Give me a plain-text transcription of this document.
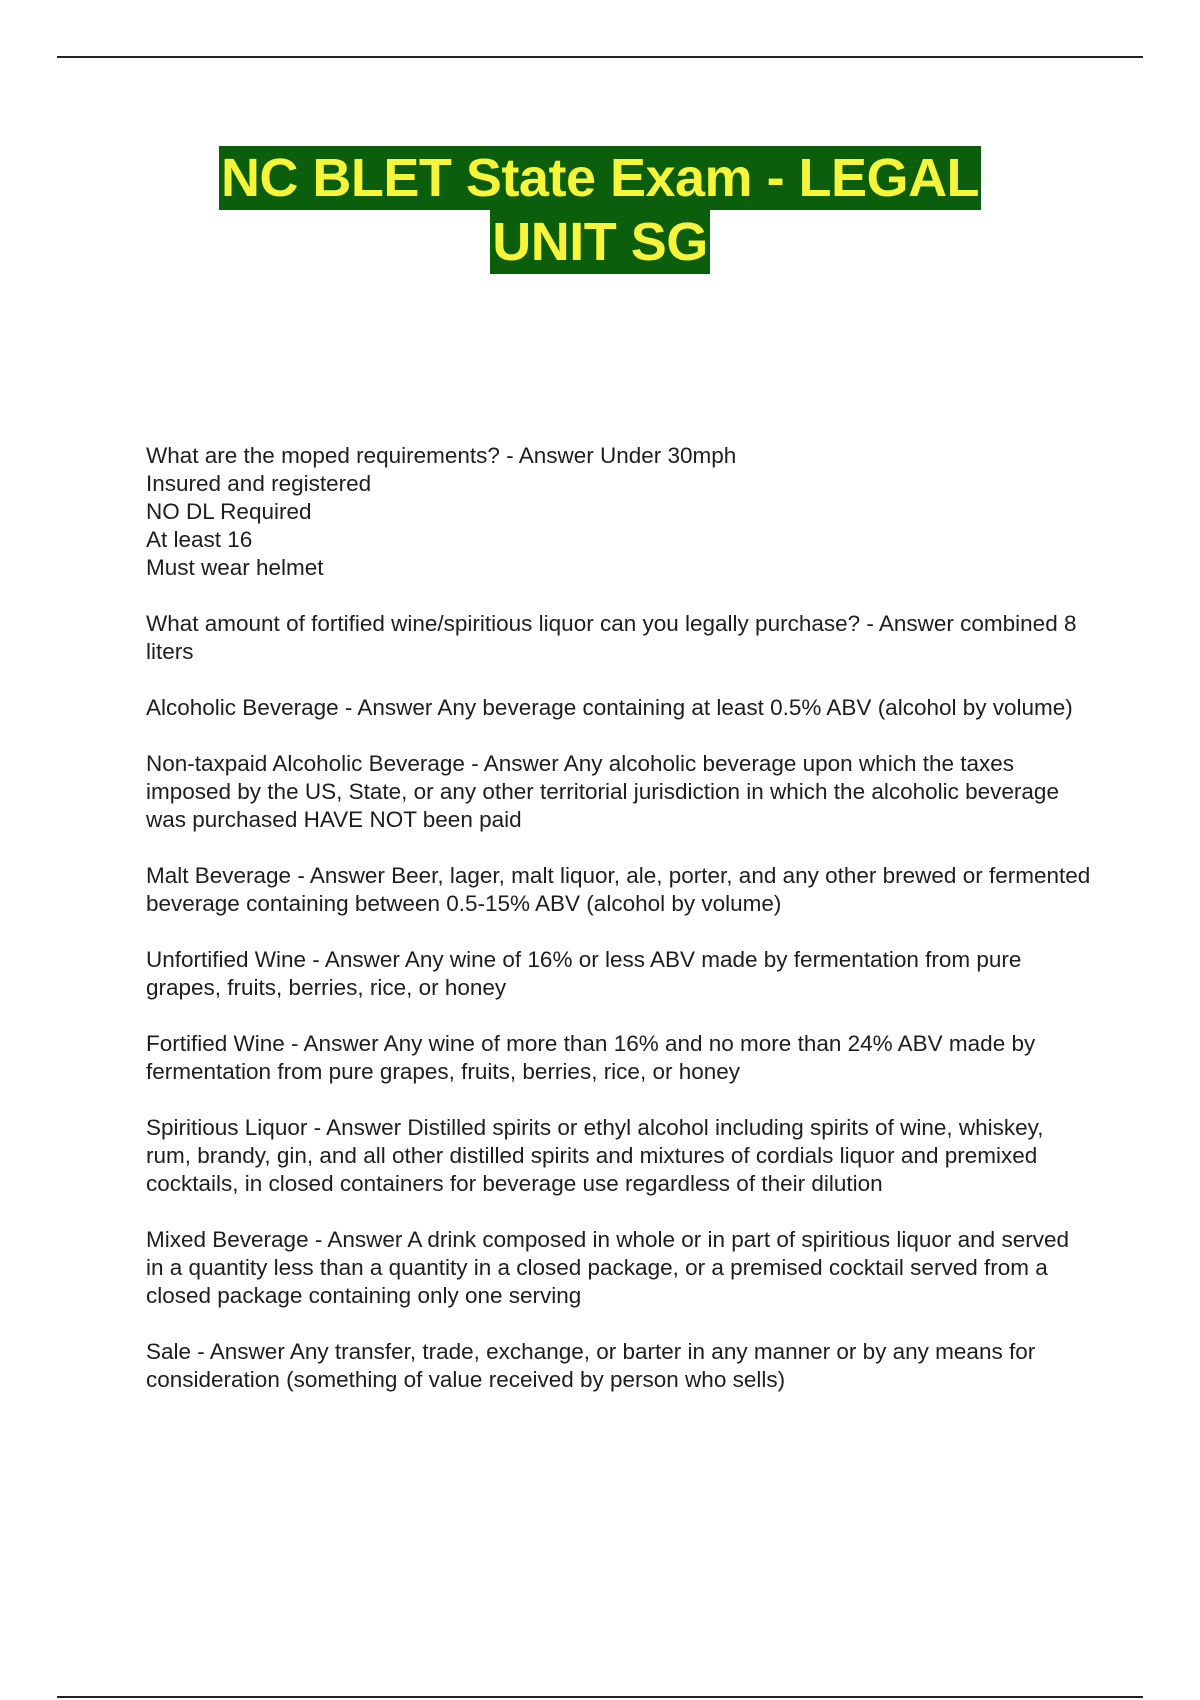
NC BLET State Exam - LEGAL
UNIT SG
What are the moped requirements? - Answer Under 30mph
Insured and registered
NO DL Required
At least 16
Must wear helmet
What amount of fortified wine/spiritious liquor can you legally purchase? - Answer combined 8 liters
Alcoholic Beverage - Answer Any beverage containing at least 0.5% ABV (alcohol by volume)
Non-taxpaid Alcoholic Beverage - Answer Any alcoholic beverage upon which the taxes imposed by the US, State, or any other territorial jurisdiction in which the alcoholic beverage was purchased HAVE NOT been paid
Malt Beverage - Answer Beer, lager, malt liquor, ale, porter, and any other brewed or fermented beverage containing between 0.5-15% ABV (alcohol by volume)
Unfortified Wine - Answer Any wine of 16% or less ABV made by fermentation from pure grapes, fruits, berries, rice, or honey
Fortified Wine - Answer Any wine of more than 16% and no more than 24% ABV made by fermentation from pure grapes, fruits, berries, rice, or honey
Spiritious Liquor - Answer Distilled spirits or ethyl alcohol including spirits of wine, whiskey, rum, brandy, gin, and all other distilled spirits and mixtures of cordials liquor and premixed cocktails, in closed containers for beverage use regardless of their dilution
Mixed Beverage - Answer A drink composed in whole or in part of spiritious liquor and served in a quantity less than a quantity in a closed package, or a premised cocktail served from a closed package containing only one serving
Sale - Answer Any transfer, trade, exchange, or barter in any manner or by any means for consideration (something of value received by person who sells)
